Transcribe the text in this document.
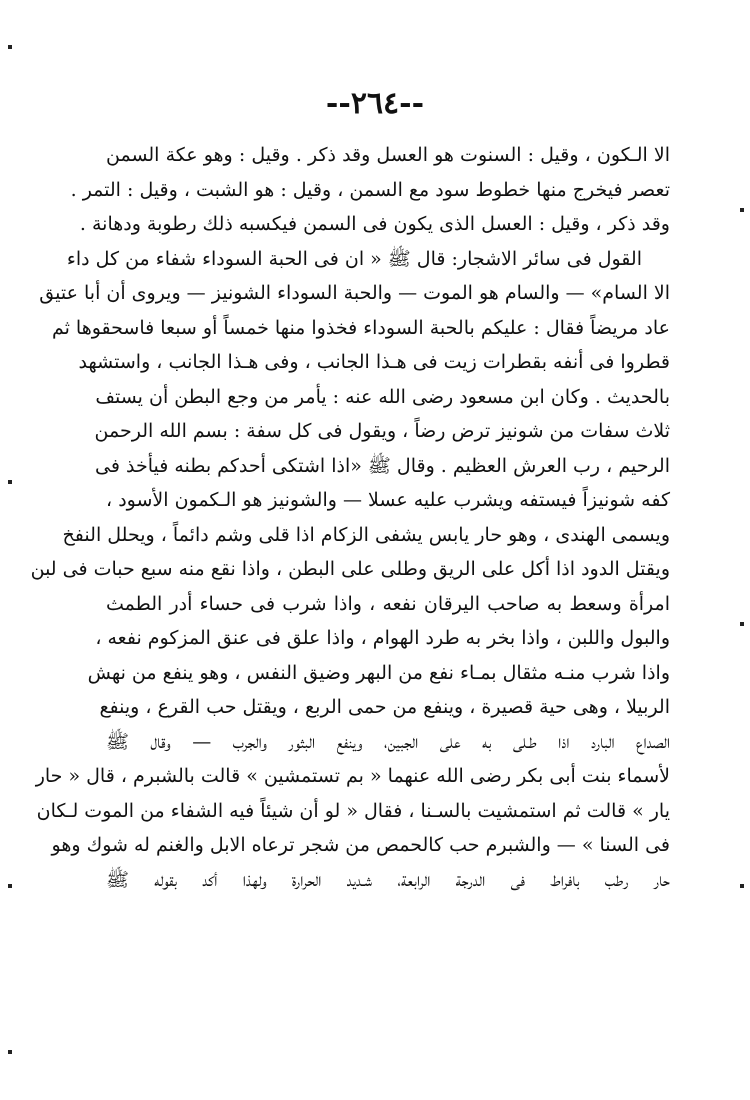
--٢٦٤--
الا الـكون ، وقيل : السنوت هو العسل وقد ذكر . وقيل : وهو عكة السمن
تعصر فيخرج منها خطوط سود مع السمن ، وقيل : هو الشبت ، وقيل : التمر .
وقد ذكر ، وقيل : العسل الذى يكون فى السمن فيكسبه ذلك رطوبة ودهانة .
القول فى سائر الاشجار: قال ﷺ « ان فى الحبة السوداء شفاء من كل داء
الا السام» — والسام هو الموت — والحبة السوداء الشونيز — ويروى أن أبا عتيق
عاد مريضاً فقال : عليكم بالحبة السوداء فخذوا منها خمساً أو سبعا فاسحقوها ثم
قطروا فى أنفه بقطرات زيت فى هـذا الجانب ، وفى هـذا الجانب ، واستشهد
بالحديث . وكان ابن مسعود رضى الله عنه : يأمر من وجع البطن أن يستف
ثلاث سفات من شونيز ترض رضاً ، ويقول فى كل سفة : بسم الله الرحمن
الرحيم ، رب العرش العظيم . وقال ﷺ «اذا اشتكى أحدكم بطنه فيأخذ فى
كفه شونيزاً فيستفه ويشرب عليه عسلا — والشونيز هو الـكمون الأسود ،
ويسمى الهندى ، وهو حار يابس يشفى الزكام اذا قلى وشم دائماً ، ويحلل النفخ
ويقتل الدود اذا أكل على الريق وطلى على البطن ، واذا نقع منه سبع حبات فى لبن
امرأة وسعط به صاحب اليرقان نفعه ، واذا شرب فى حساء أدر الطمث
والبول واللبن ، واذا بخر به طرد الهوام ، واذا علق فى عنق المزكوم نفعه ،
واذا شرب منـه مثقال بمـاء نفع من البهر وضيق النفس ، وهو ينفع من نهش
الربيلا ، وهى حية قصيرة ، وينفع من حمى الربع ، ويقتل حب القرع ، وينفع
الصداع البارد اذا طـلى به على الجبين، وينفع البثور والجرب — وقال ﷺ
لأسماء بنت أبى بكر رضى الله عنهما « بم تستمشين » قالت بالشبرم ، قال « حار
يار » قالت ثم استمشيت بالسـنا ، فقال « لو أن شيئاً فيه الشفاء من الموت لـكان
فى السنا » — والشبرم حب كالحمص من شجر ترعاه الابل والغنم له شوك وهو
حار رطب بافراط فى الدرجة الرابعة، شـديد الحرارة ولهذا أكد بقوله ﷺ
